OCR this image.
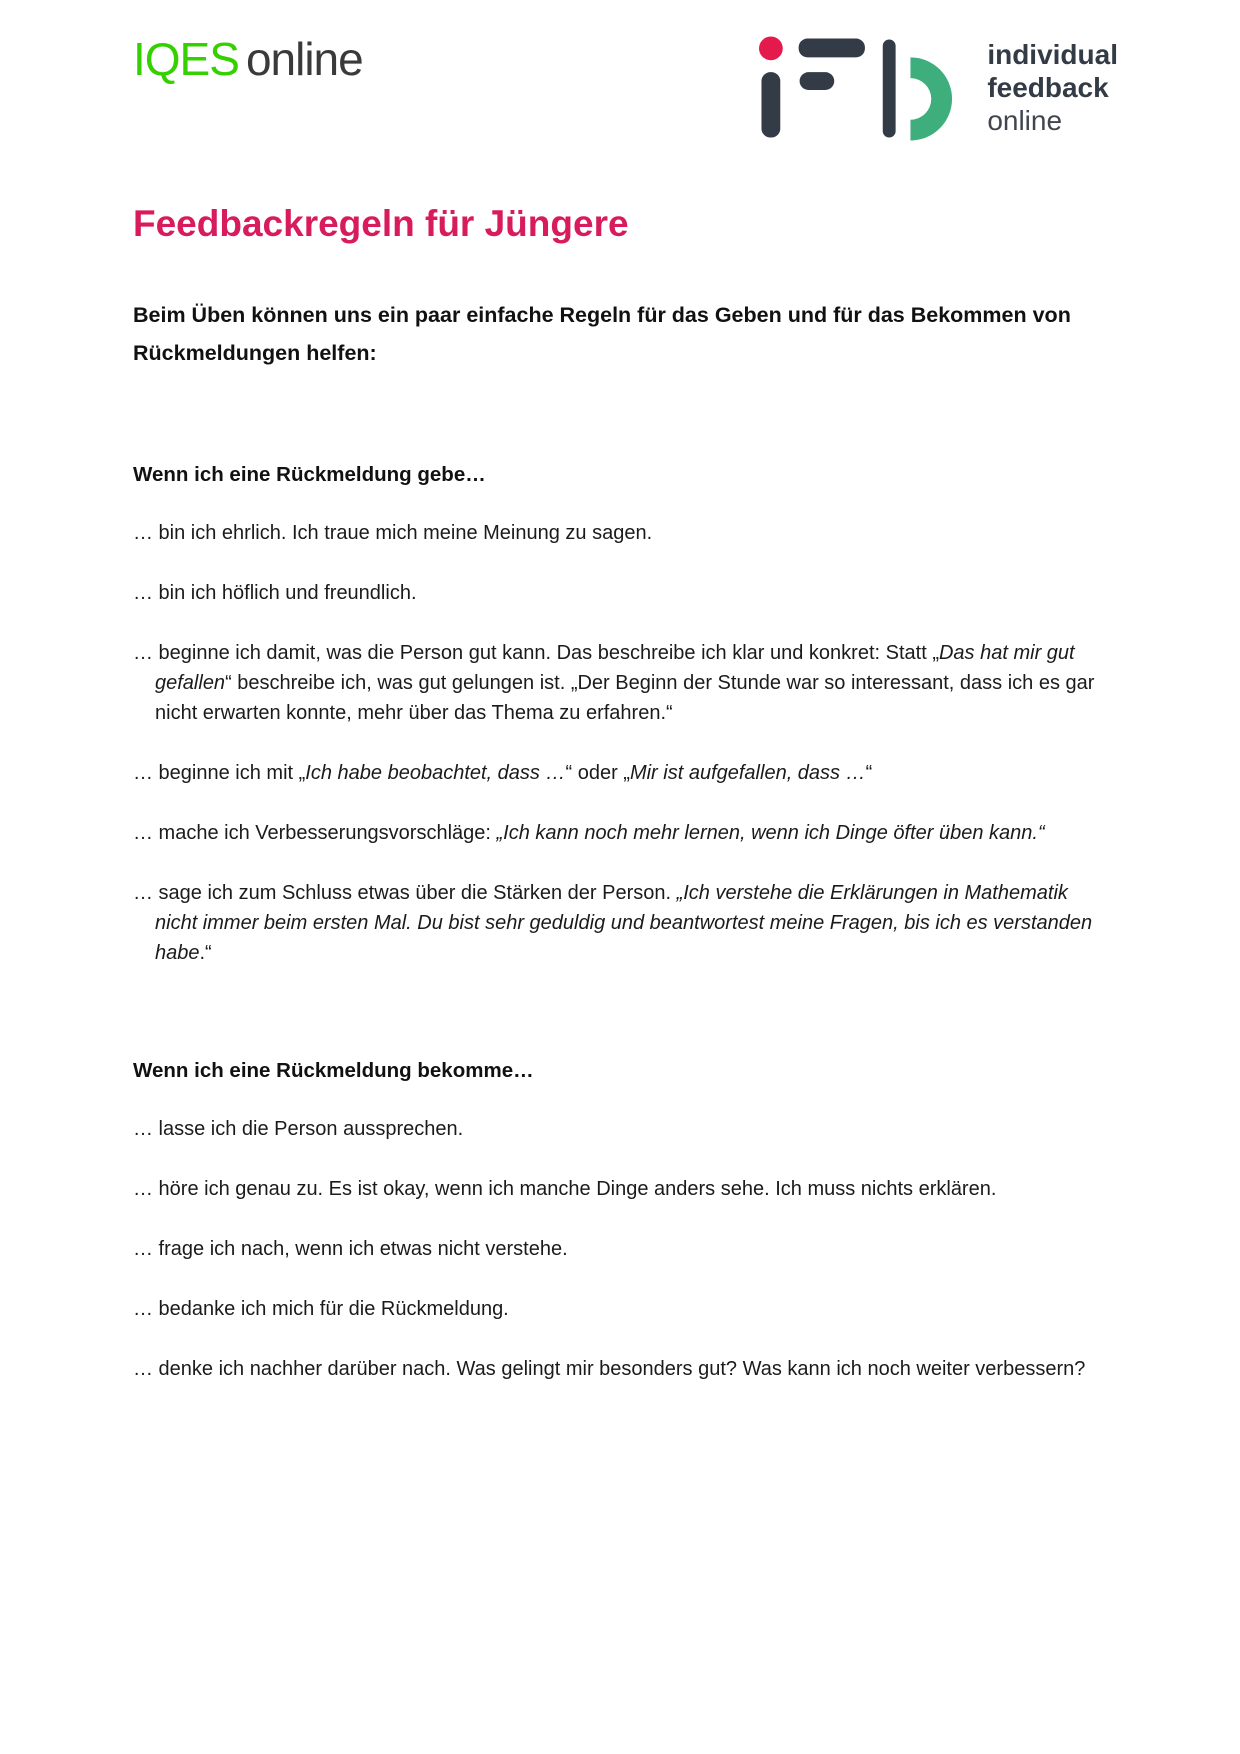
IQES online	individual
feedback
online
Feedbackregeln für Jüngere

Beim Üben können uns ein paar einfache Regeln für das Geben und für das Bekommen von Rückmeldungen helfen:

Wenn ich eine Rückmeldung gebe…

… bin ich ehrlich. Ich traue mich meine Meinung zu sagen.

… bin ich höflich und freundlich.

… beginne ich damit, was die Person gut kann. Das beschreibe ich klar und konkret: Statt „Das hat mir gut gefallen“ beschreibe ich, was gut gelungen ist. „Der Beginn der Stunde war so interessant, dass ich es gar nicht erwarten konnte, mehr über das Thema zu erfahren.“

… beginne ich mit „Ich habe beobachtet, dass …“ oder „Mir ist aufgefallen, dass …“

… mache ich Verbesserungsvorschläge: „Ich kann noch mehr lernen, wenn ich Dinge öfter üben kann.“

… sage ich zum Schluss etwas über die Stärken der Person. „Ich verstehe die Erklärungen in Mathematik nicht immer beim ersten Mal. Du bist sehr geduldig und beantwortest meine Fragen, bis ich es verstanden habe.“

Wenn ich eine Rückmeldung bekomme…

… lasse ich die Person aussprechen.

… höre ich genau zu. Es ist okay, wenn ich manche Dinge anders sehe. Ich muss nichts erklären.

… frage ich nach, wenn ich etwas nicht verstehe.

… bedanke ich mich für die Rückmeldung.

… denke ich nachher darüber nach. Was gelingt mir besonders gut? Was kann ich noch weiter verbessern?
